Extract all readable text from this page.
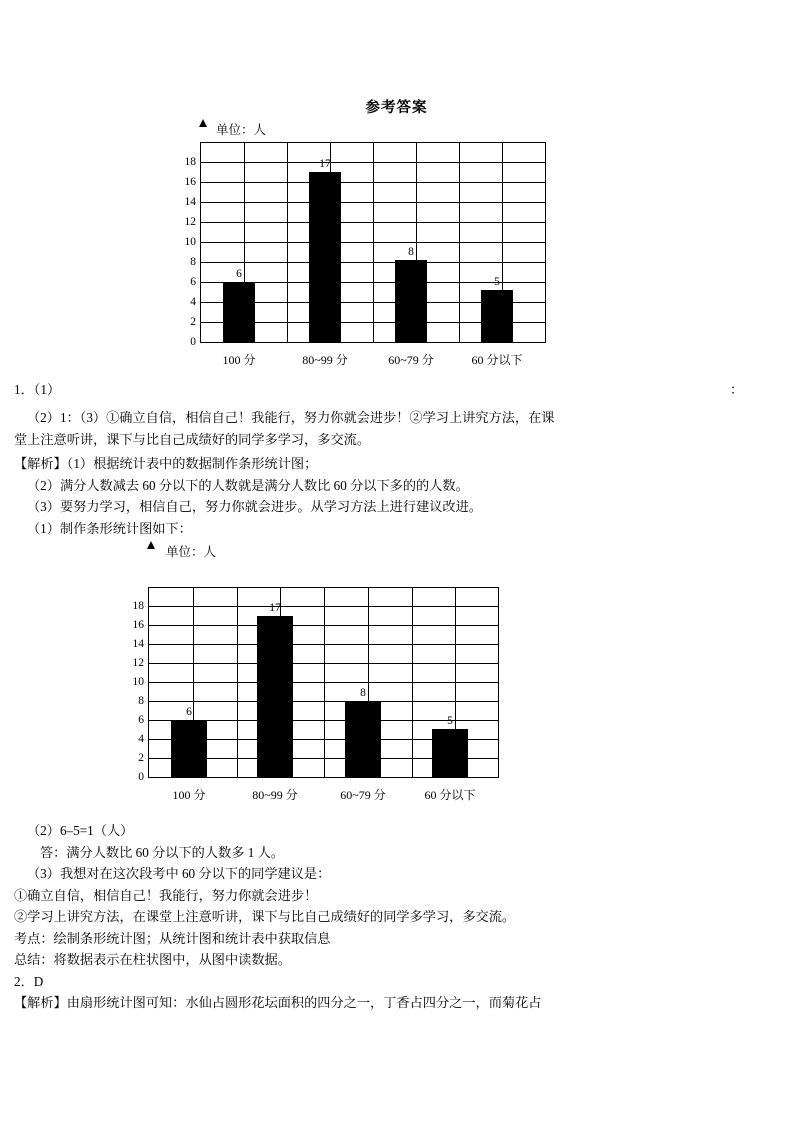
参考答案
单位：人
18
16
14
12
10
8
6
4
2
0
6
100 分
17
80~99 分
8
60~79 分
5
60 分以下
1．（1）	：

（2）1：（3）①确立自信，相信自己！我能行，努力你就会进步！②学习上讲究方法，在课

堂上注意听讲，课下与比自己成绩好的同学多学习，多交流。

【解析】（1）根据统计表中的数据制作条形统计图；

（2）满分人数减去 60 分以下的人数就是满分人数比 60 分以下多的的人数。

（3）要努力学习，相信自己，努力你就会进步。从学习方法上进行建议改进。

（1）制作条形统计图如下：

单位：人
18
16
14
12
10
8
6
4
2
0
6
100 分
17
80~99 分
8
60~79 分
5
60 分以下

（2）6–5=1（人）

答：满分人数比 60 分以下的人数多 1 人。

（3）我想对在这次段考中 60 分以下的同学建议是：

①确立自信，相信自己！我能行，努力你就会进步！

②学习上讲究方法，在课堂上注意听讲，课下与比自己成绩好的同学多学习，多交流。

考点：绘制条形统计图；从统计图和统计表中获取信息

总结：将数据表示在柱状图中，从图中读数据。

2．D

【解析】由扇形统计图可知：水仙占圆形花坛面积的四分之一，丁香占四分之一，而菊花占
